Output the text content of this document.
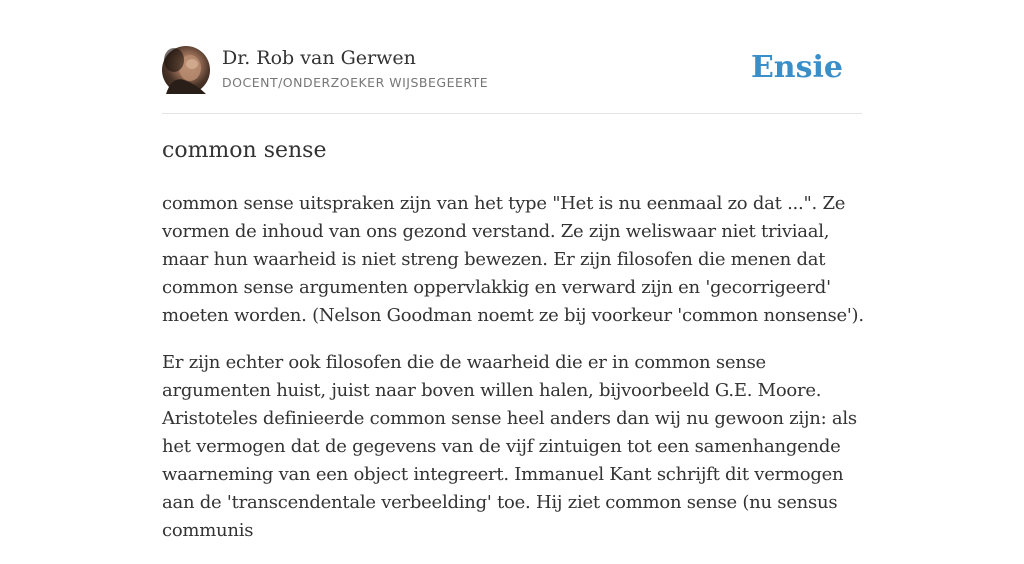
Dr. Rob van Gerwen
DOCENT/ONDERZOEKER WIJSBEGEERTE	Ensie
common sense

common sense uitspraken zijn van het type "Het is nu eenmaal zo dat ...". Ze vormen de inhoud van ons gezond verstand. Ze zijn weliswaar niet triviaal, maar hun waarheid is niet streng bewezen. Er zijn filosofen die menen dat common sense argumenten oppervlakkig en verward zijn en 'gecorrigeerd' moeten worden. (Nelson Goodman noemt ze bij voorkeur 'common nonsense').

Er zijn echter ook filosofen die de waarheid die er in common sense argumenten huist, juist naar boven willen halen, bijvoorbeeld G.E. Moore. Aristoteles definieerde common sense heel anders dan wij nu gewoon zijn: als het vermogen dat de gegevens van de vijf zintuigen tot een samenhangende waarneming van een object integreert. Immanuel Kant schrijft dit vermogen aan de 'transcendentale verbeelding' toe. Hij ziet common sense (nu sensus communis
